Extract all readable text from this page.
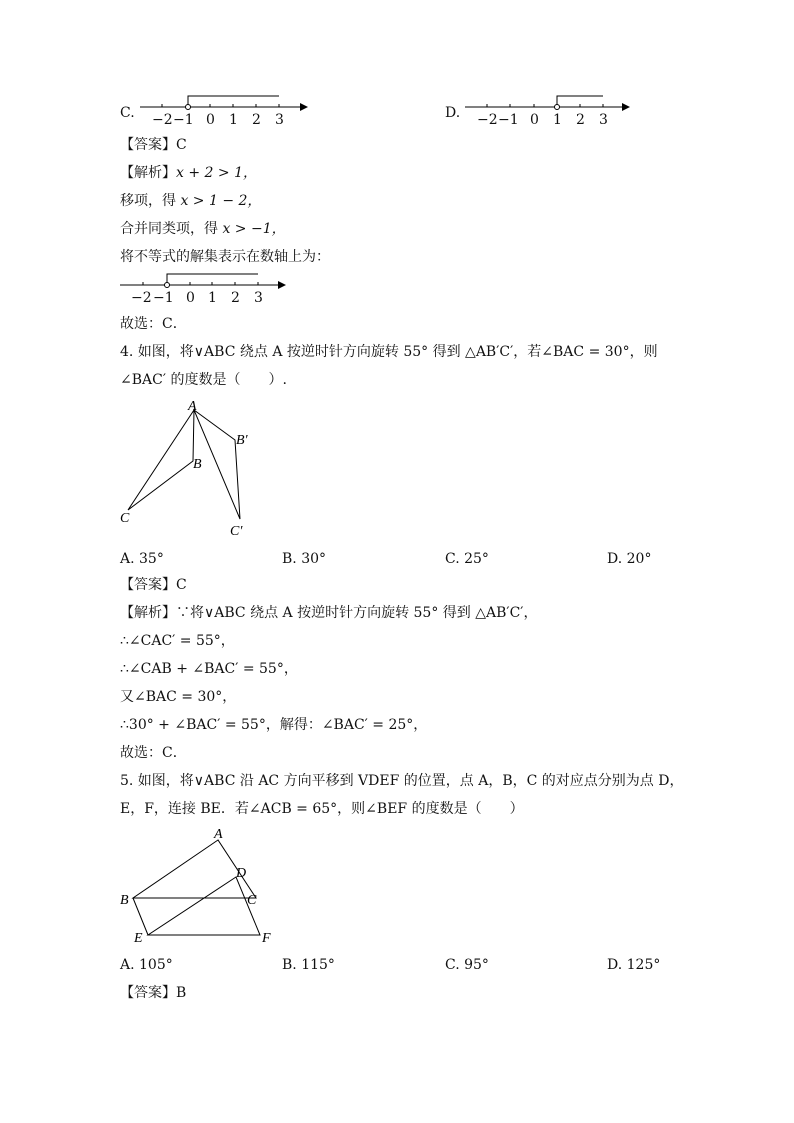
C. −2 −1 0 1 2 3	D. −2 −1 0 1 2 3
【答案】C
【解析】x + 2 > 1，
移项，得 x > 1 − 2，
合并同类项，得 x > −1，
将不等式的解集表示在数轴上为：
−2 −1 0 1 2 3
故选：C．
4. 如图，将∨ABC 绕点 A 按逆时针方向旋转 55° 得到 △AB′C′，若∠BAC = 30°，则
∠BAC′ 的度数是（　　）.
A
B
B′
C
C′
A. 35°	B. 30°	C. 25°	D. 20°
【答案】C
【解析】∵将∨ABC 绕点 A 按逆时针方向旋转 55° 得到 △AB′C′，
∴∠CAC′ = 55°，
∴∠CAB + ∠BAC′ = 55°，
又∠BAC = 30°，
∴30° + ∠BAC′ = 55°，解得：∠BAC′ = 25°，
故选：C．
5. 如图，将∨ABC 沿 AC 方向平移到 VDEF 的位置，点 A，B，C 的对应点分别为点 D，
E，F，连接 BE．若∠ACB = 65°，则∠BEF 的度数是（　　）
A
B	C
D
E	F
A. 105°	B. 115°	C. 95°	D. 125°
【答案】B
